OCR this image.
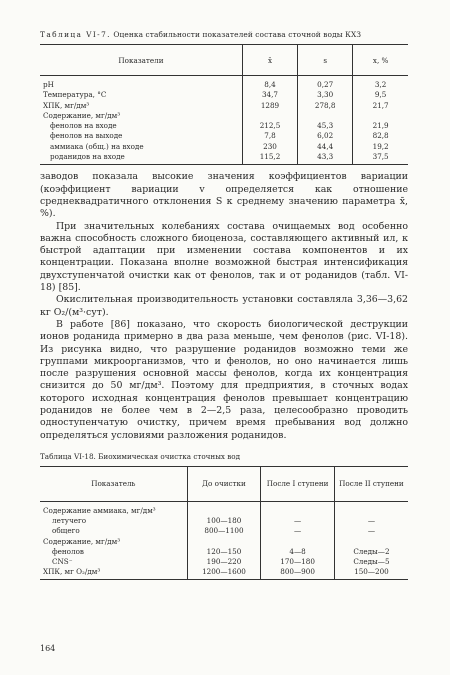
Таблица VI-7. Оценка стабильности показателей состава сточной воды КХЗ
Показатели	x̄	s	x, %
pH	8,4	0,27	3,2
Температура, °С	34,7	3,30	9,5
ХПК, мг/дм³	1289	278,8	21,7
Содержание, мг/дм³			
фенолов на входе	212,5	45,3	21,9
фенолов на выходе	7,8	6,02	82,8
аммиака (общ.) на входе	230	44,4	19,2
роданидов на входе	115,2	43,3	37,5

заводов показала высокие значения коэффициентов вариации (коэффициент вариации v определяется как отношение среднеквадратичного отклонения S к среднему значению параметра x̄, %).

При значительных колебаниях состава очищаемых вод особенно важна способность сложного биоценоза, составляющего активный ил, к быстрой адаптации при изменении состава компонентов и их концентрации. Показана вполне возможной быстрая интенсификация двухступенчатой очистки как от фенолов, так и от роданидов (табл. VI-18) [85].

Окислительная производительность установки составляла 3,36—3,62 кг О₂/(м³·сут).

В работе [86] показано, что скорость биологической деструкции ионов роданида примерно в два раза меньше, чем фенолов (рис. VI-18). Из рисунка видно, что разрушение роданидов возможно теми же группами микроорганизмов, что и фенолов, но оно начинается лишь после разрушения основной массы фенолов, когда их концентрация снизится до 50 мг/дм³. Поэтому для предприятия, в сточных водах которого исходная концентрация фенолов превышает концентрацию роданидов не более чем в 2—2,5 раза, целесообразно проводить одноступенчатую очистку, причем время пребывания вод должно определяться условиями разложения роданидов.

Таблица VI-18. Биохимическая очистка сточных вод
Показатель	До очистки	После I ступени	После II ступени
Содержание аммиака, мг/дм³			
летучего	100—180	—	—
общего	800—1100	—	—
Содержание, мг/дм³			
фенолов	120—150	4—8	Следы—2
CNS⁻	190—220	170—180	Следы—5
ХПК, мг О₂/дм³	1200—1600	800—900	150—200
164
